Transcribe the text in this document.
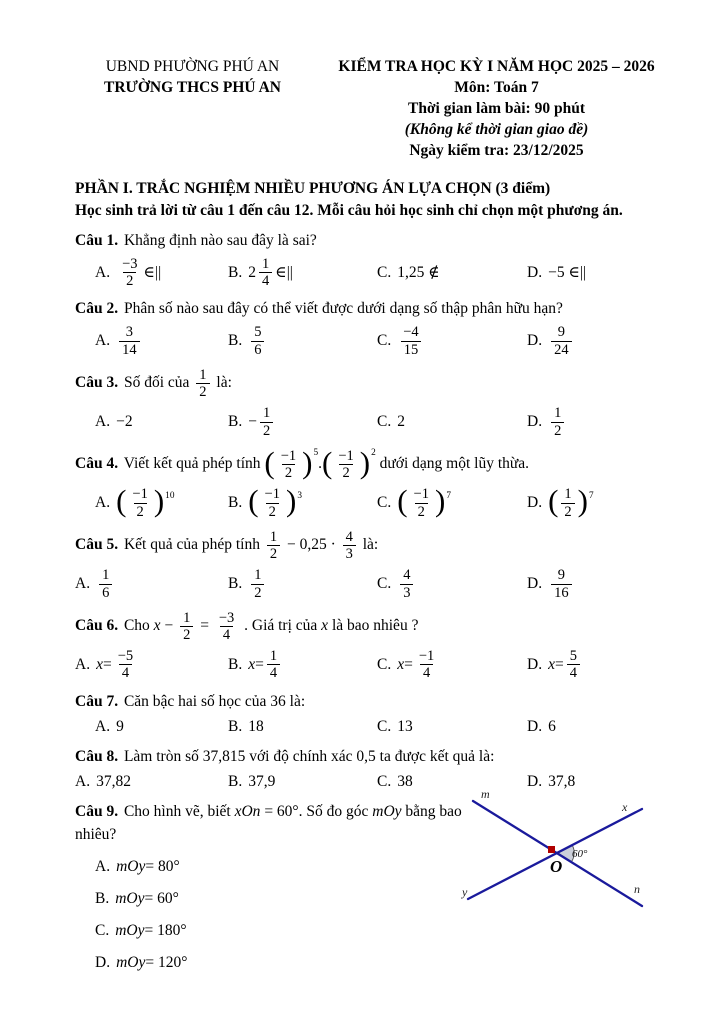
UBND PHƯỜNG PHÚ AN
TRƯỜNG THCS PHÚ AN
KIỂM TRA HỌC KỲ I NĂM HỌC 2025 – 2026
Môn: Toán 7
Thời gian làm bài: 90 phút
(Không kể thời gian giao đề)
Ngày kiểm tra: 23/12/2025
PHẦN I. TRẮC NGHIỆM NHIỀU PHƯƠNG ÁN LỰA CHỌN (3 điểm)
Học sinh trả lời từ câu 1 đến câu 12. Mỗi câu hỏi học sinh chỉ chọn một phương án.
Câu 1. Khẳng định nào sau đây là sai?
A. $\frac{-3}{2}$ ∈||	B. $2 \frac{1}{4}$ ∈||	C. 1,25 ∉	D. −5 ∈||
Câu 2. Phân số nào sau đây có thể viết được dưới dạng số thập phân hữu hạn?
A. $\frac{3}{14}$	B. $\frac{5}{6}$	C. $\frac{-4}{15}$	D. $\frac{9}{24}$
Câu 3. Số đối của $\frac{1}{2}$ là:
A. −2	B. − $\frac{1}{2}$	C. 2	D. $\frac{1}{2}$
Câu 4. Viết kết quả phép tính ( $\frac{-1}{2} )^5.( \frac{-1}{2} )^2$ dưới dạng một lũy thừa.
A. ( $\frac{-1}{2} )^{10}$	B. ( $\frac{-1}{2} )^3$	C. ( $\frac{-1}{2} )^7$	D. ( $\frac{1}{2} )^7$
Câu 5. Kết quả của phép tính $\frac{1}{2} - 0,25 \cdot \frac{4}{3}$ là:
A. $\frac{1}{6}$	B. $\frac{1}{2}$	C. $\frac{4}{3}$	D. $\frac{9}{16}$
Câu 6. Cho $x - \frac{1}{2} = \frac{-3}{4}$ . Giá trị của x là bao nhiêu ?
A. $x = \frac{-5}{4}$	B. $x = \frac{1}{4}$	C. $x = \frac{-1}{4}$	D. $x = \frac{5}{4}$
Câu 7. Căn bậc hai số học của 36 là:
A. 9	B. 18	C. 13	D. 6
Câu 8. Làm tròn số 37,815 với độ chính xác 0,5 ta được kết quả là:
A. 37,82	B. 37,9	C. 38	D. 37,8
Câu 9. Cho hình vẽ, biết xOn = 60°. Số đo góc mOy bằng bao nhiêu?
A. mOy = 80°
B. mOy = 60°
C. mOy = 180°
D. mOy = 120°
m
x
y	n
O
60°
